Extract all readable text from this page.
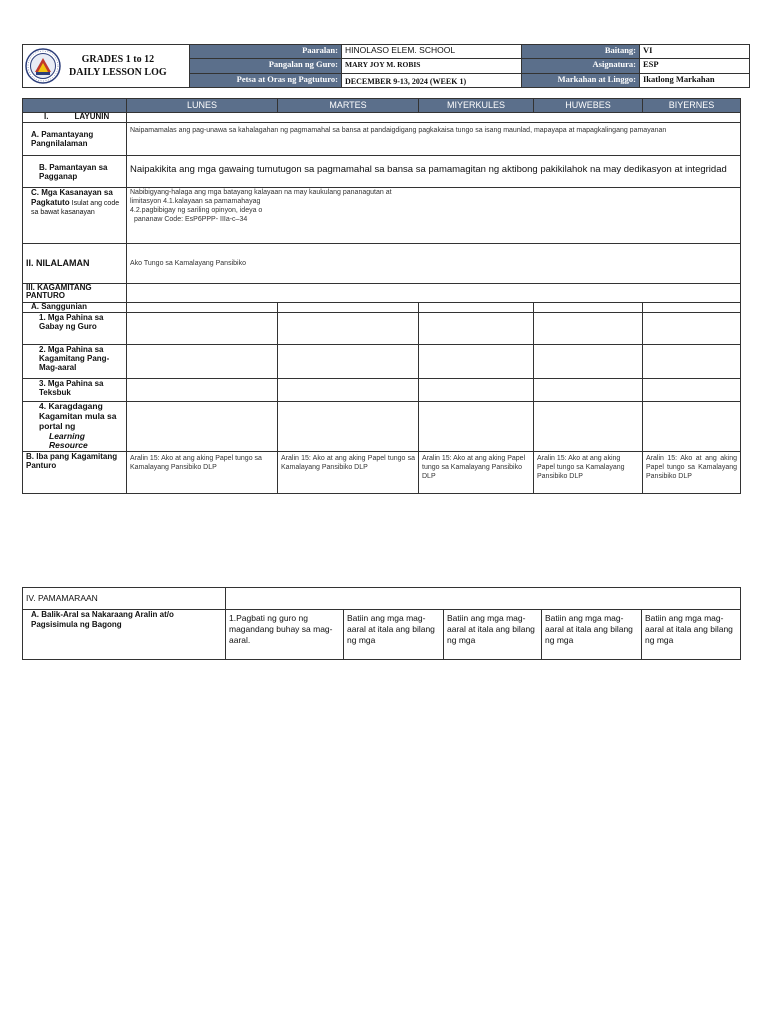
GRADES 1 to 12
DAILY LESSON LOG	Paaralan:	HINOLASO ELEM. SCHOOL	Baitang:	VI
	Pangalan ng Guro:	MARY JOY M. ROBIS	Asignatura:	ESP
	Petsa at Oras ng Pagtuturo:	DECEMBER 9-13, 2024 (WEEK 1)	Markahan at Linggo:	Ikatlong Markahan
	LUNES	MARTES	MIYERKULES	HUWEBES	BIYERNES
I. LAYUNIN					
A. Pamantayang Pangnilalaman	Naipamamalas ang pag-unawa sa kahalagahan ng pagmamahal sa bansa at pandaigdigang pagkakaisa tungo sa isang maunlad, mapayapa at mapagkalingang pamayanan				
B. Pamantayan sa Pagganap	Naipakikita ang mga gawaing tumutugon sa pagmamahal sa bansa sa pamamagitan ng aktibong pakikilahok na may dedikasyon at integridad				
C. Mga Kasanayan sa Pagkatuto Isulat ang code sa bawat kasanayan	Nabibigyang-halaga ang mga batayang kalayaan na may kaukulang pananagutan at
limitasyon 4.1.kalayaan sa pamamahayag
4.2.pagbibigay ng sariling opinyon, ideya o
pananaw Code: EsP6PPP- IIIa-c–34				

II. NILALAMAN	Ako Tungo sa Kamalayang Pansibiko				
III. KAGAMITANG PANTURO					
A. Sanggunian					
1. Mga Pahina sa Gabay ng Guro					
2. Mga Pahina sa Kagamitang Pang-Mag-aaral					
3. Mga Pahina sa Teksbuk					
4. Karagdagang Kagamitan mula sa portal ng
Learning Resource					

B. Iba pang Kagamitang Panturo	Aralin 15: Ako at ang aking Papel tungo sa Kamalayang Pansibiko DLP	Aralin 15: Ako at ang aking Papel tungo sa Kamalayang Pansibiko DLP	Aralin 15: Ako at ang aking Papel tungo sa Kamalayang Pansibiko DLP	Aralin 15: Ako at ang aking Papel tungo sa Kamalayang Pansibiko DLP	Aralin 15: Ako at ang aking Papel tungo sa Kamalayang Pansibiko DLP
IV. PAMAMARAAN					
A. Balik-Aral sa Nakaraang Aralin at/o Pagsisimula ng Bagong	1.Pagbati ng guro ng magandang buhay sa mag-aaral.	Batiin ang mga mag-aaral at itala ang bilang ng mga	Batiin ang mga mag-aaral at itala ang bilang ng mga	Batiin ang mga mag-aaral at itala ang bilang ng mga	Batiin ang mga mag-aaral at itala ang bilang ng mga
